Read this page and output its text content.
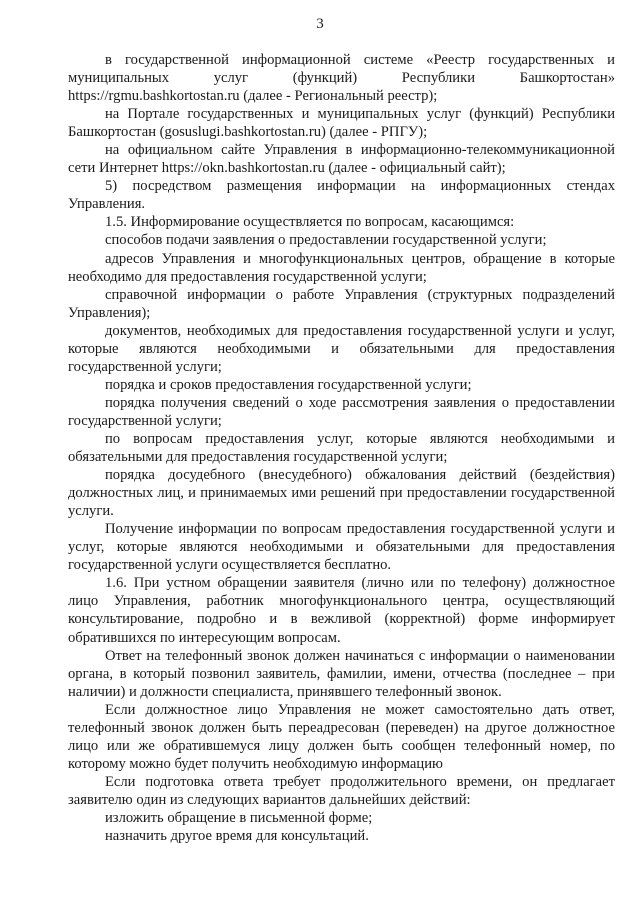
3

в государственной информационной системе «Реестр государственных и муниципальных услуг (функций) Республики Башкортостан» https://rgmu.bashkortostan.ru (далее - Региональный реестр);

на Портале государственных и муниципальных услуг (функций) Республики Башкортостан (gosuslugi.bashkortostan.ru) (далее - РПГУ);

на официальном сайте Управления в информационно-телекоммуникационной сети Интернет https://okn.bashkortostan.ru (далее - официальный сайт);

5) посредством размещения информации на информационных стендах Управления.

1.5. Информирование осуществляется по вопросам, касающимся:

способов подачи заявления о предоставлении государственной услуги;

адресов Управления и многофункциональных центров, обращение в которые необходимо для предоставления государственной услуги;

справочной информации о работе Управления (структурных подразделений Управления);

документов, необходимых для предоставления государственной услуги и услуг, которые являются необходимыми и обязательными для предоставления государственной услуги;

порядка и сроков предоставления государственной услуги;

порядка получения сведений о ходе рассмотрения заявления о предоставлении государственной услуги;

по вопросам предоставления услуг, которые являются необходимыми и обязательными для предоставления государственной услуги;

порядка досудебного (внесудебного) обжалования действий (бездействия) должностных лиц, и принимаемых ими решений при предоставлении государственной услуги.

Получение информации по вопросам предоставления государственной услуги и услуг, которые являются необходимыми и обязательными для предоставления государственной услуги осуществляется бесплатно.

1.6. При устном обращении заявителя (лично или по телефону) должностное лицо Управления, работник многофункционального центра, осуществляющий консультирование, подробно и в вежливой (корректной) форме информирует обратившихся по интересующим вопросам.

Ответ на телефонный звонок должен начинаться с информации о наименовании органа, в который позвонил заявитель, фамилии, имени, отчества (последнее – при наличии) и должности специалиста, принявшего телефонный звонок.

Если должностное лицо Управления не может самостоятельно дать ответ, телефонный звонок должен быть переадресован (переведен) на другое должностное лицо или же обратившемуся лицу должен быть сообщен телефонный номер, по которому можно будет получить необходимую информацию

Если подготовка ответа требует продолжительного времени, он предлагает заявителю один из следующих вариантов дальнейших действий:

изложить обращение в письменной форме;

назначить другое время для консультаций.
